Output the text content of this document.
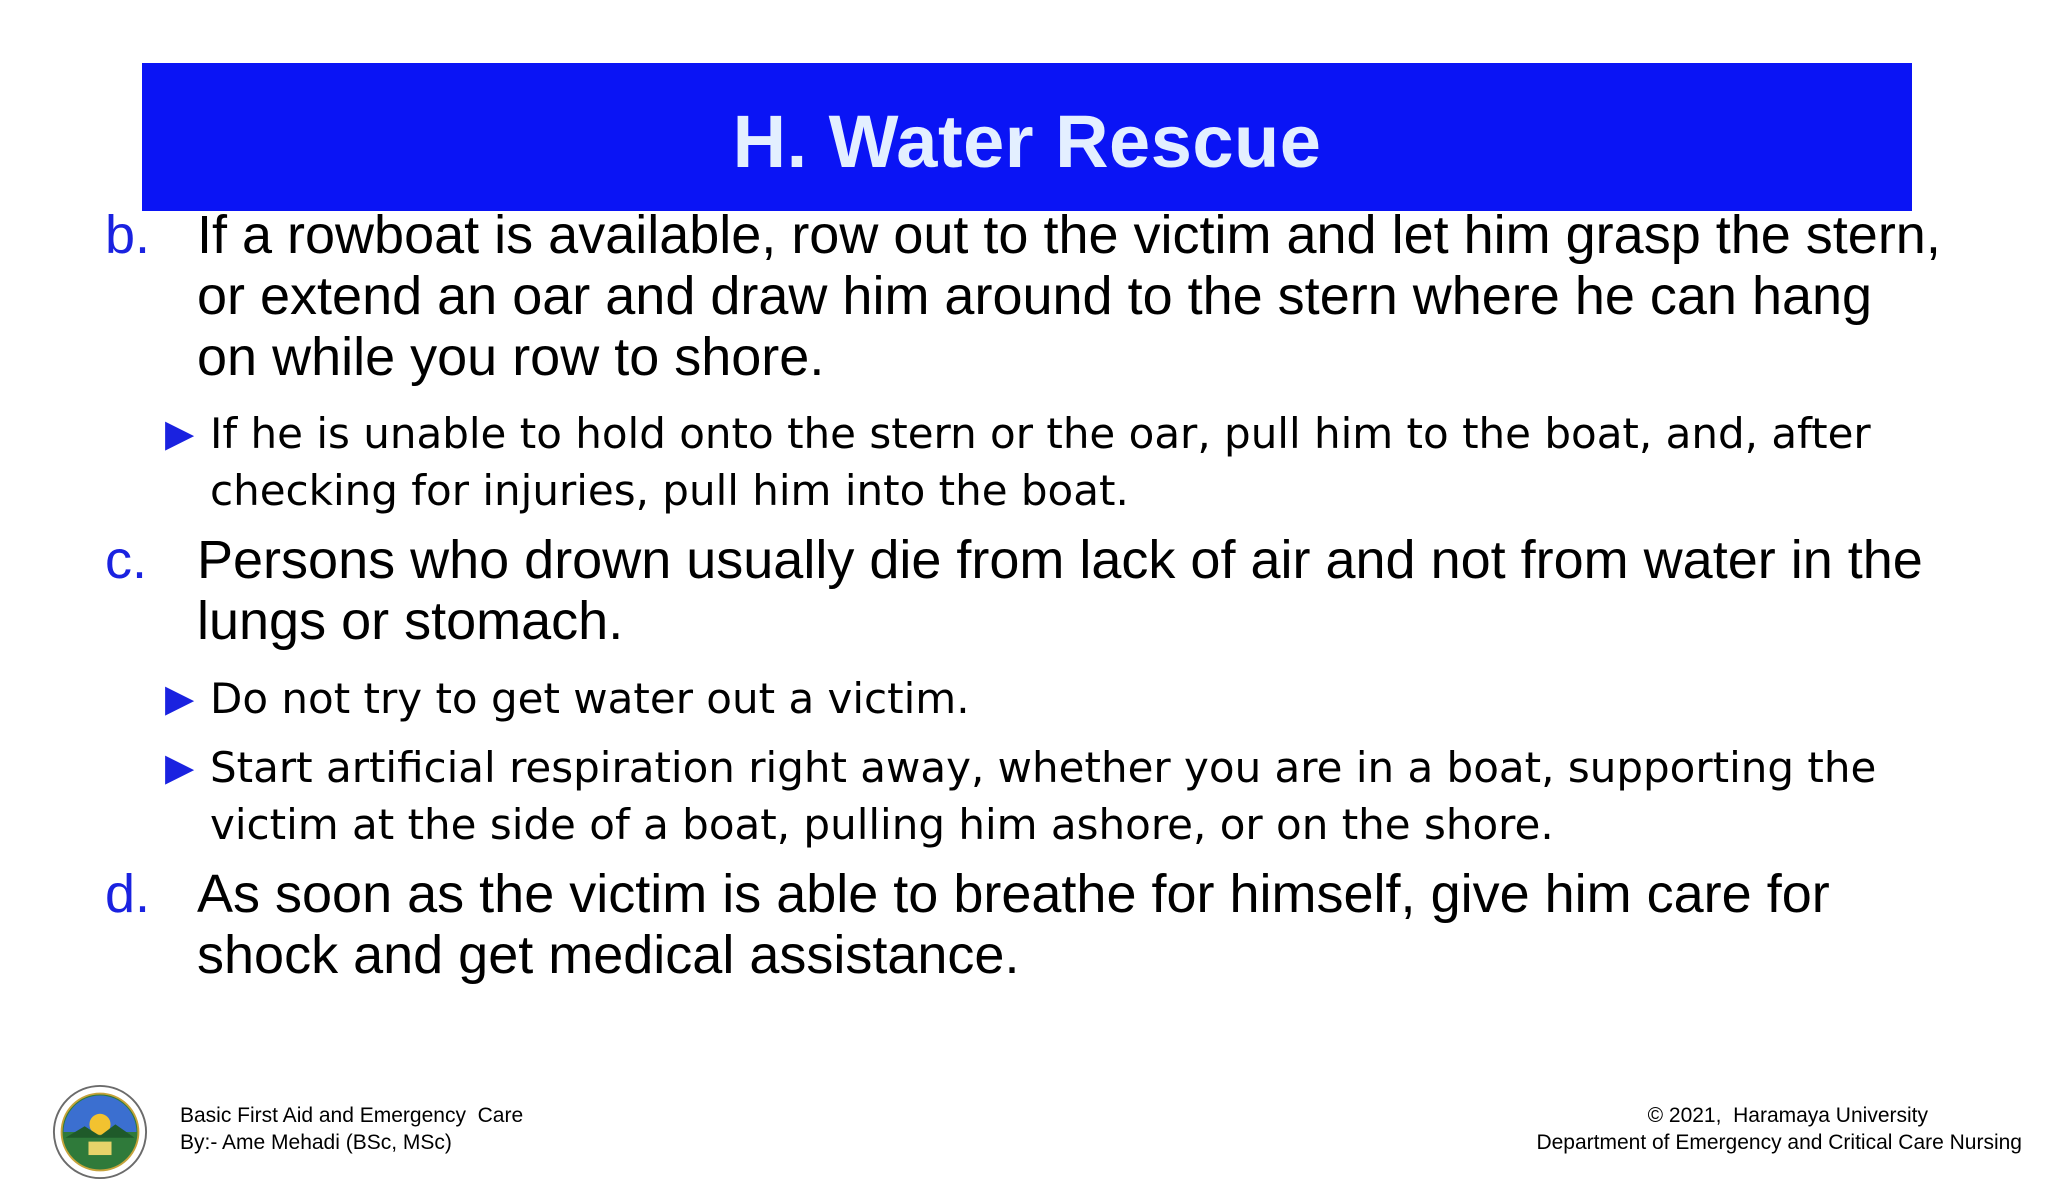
H. Water Rescue
b. If a rowboat is available, row out to the victim and let him grasp the stern, or extend an oar and draw him around to the stern where he can hang on while you row to shore.
▶ If he is unable to hold onto the stern or the oar, pull him to the boat, and, after checking for injuries, pull him into the boat.
c. Persons who drown usually die from lack of air and not from water in the lungs or stomach.
▶ Do not try to get water out a victim.
▶ Start artificial respiration right away, whether you are in a boat, supporting the victim at the side of a boat, pulling him ashore, or on the shore.
d. As soon as the victim is able to breathe for himself, give him care for shock and get medical assistance.
Basic First Aid and Emergency  Care
By:- Ame Mehadi (BSc, MSc)
© 2021,  Haramaya University
Department of Emergency and Critical Care Nursing
